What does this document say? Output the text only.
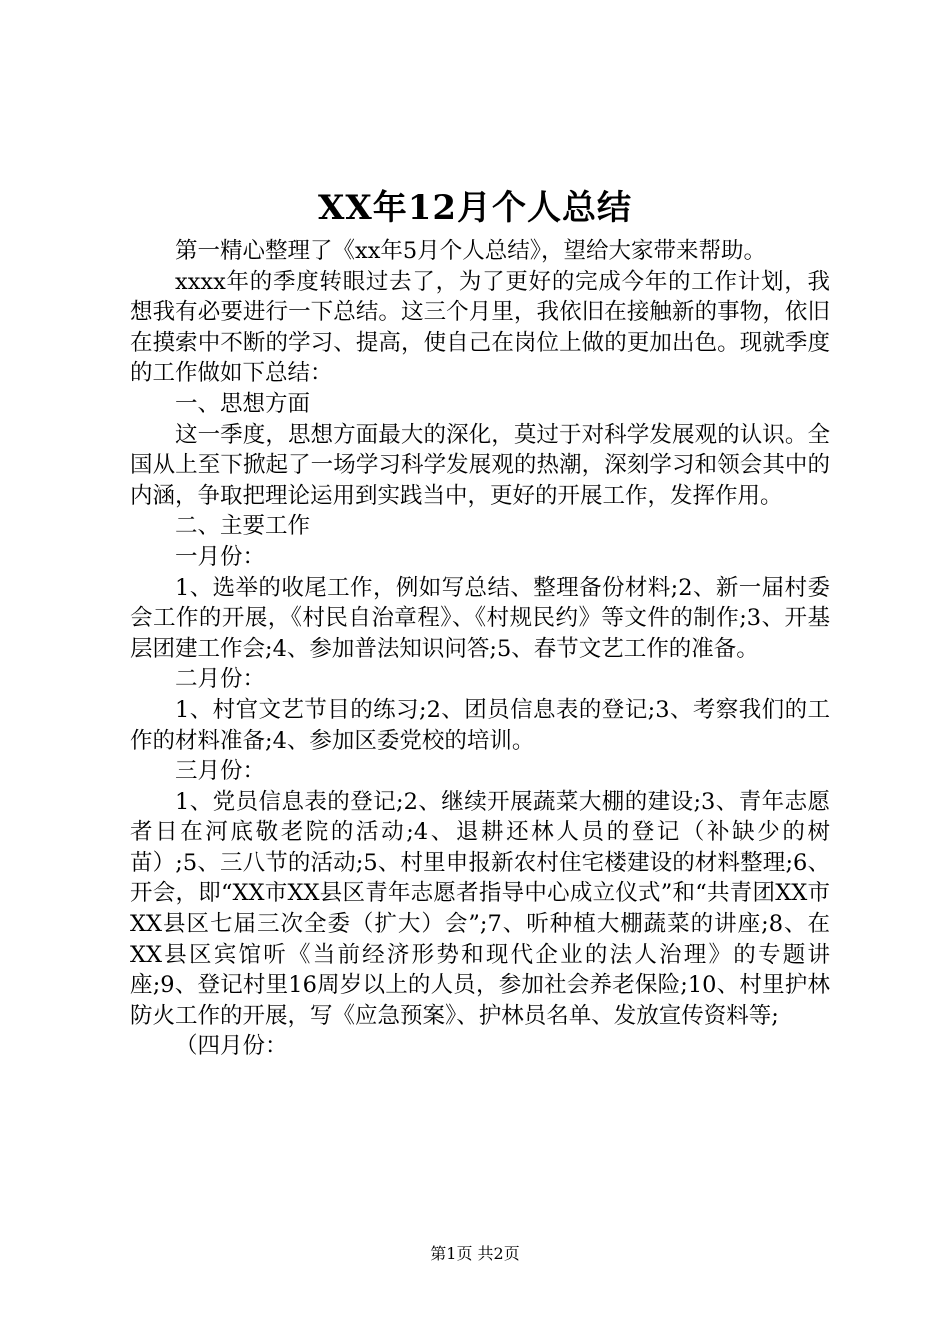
XX年12月个人总结

第一精心整理了《xx年5月个人总结》，望给大家带来帮助。

xxxx年的季度转眼过去了，为了更好的完成今年的工作计划，我想我有必要进行一下总结。这三个月里，我依旧在接触新的事物，依旧在摸索中不断的学习、提高，使自己在岗位上做的更加出色。现就季度的工作做如下总结：

一、思想方面

这一季度，思想方面最大的深化，莫过于对科学发展观的认识。全国从上至下掀起了一场学习科学发展观的热潮，深刻学习和领会其中的内涵，争取把理论运用到实践当中，更好的开展工作，发挥作用。

二、主要工作

一月份：

1、选举的收尾工作，例如写总结、整理备份材料;2、新一届村委会工作的开展，《村民自治章程》、《村规民约》等文件的制作;3、开基层团建工作会;4、参加普法知识问答;5、春节文艺工作的准备。

二月份：

1、村官文艺节目的练习;2、团员信息表的登记;3、考察我们的工作的材料准备;4、参加区委党校的培训。

三月份：

1、党员信息表的登记;2、继续开展蔬菜大棚的建设;3、青年志愿者日在河底敬老院的活动;4、退耕还林人员的登记（补缺少的树苗）;5、三八节的活动;5、村里申报新农村住宅楼建设的材料整理;6、开会，即“XX市XX县区青年志愿者指导中心成立仪式”和“共青团XX市XX县区七届三次全委（扩大）会”;7、听种植大棚蔬菜的讲座;8、在XX县区宾馆听《当前经济形势和现代企业的法人治理》的专题讲座;9、登记村里16周岁以上的人员，参加社会养老保险;10、村里护林防火工作的开展，写《应急预案》、护林员名单、发放宣传资料等;

（四月份：

第1页 共2页
